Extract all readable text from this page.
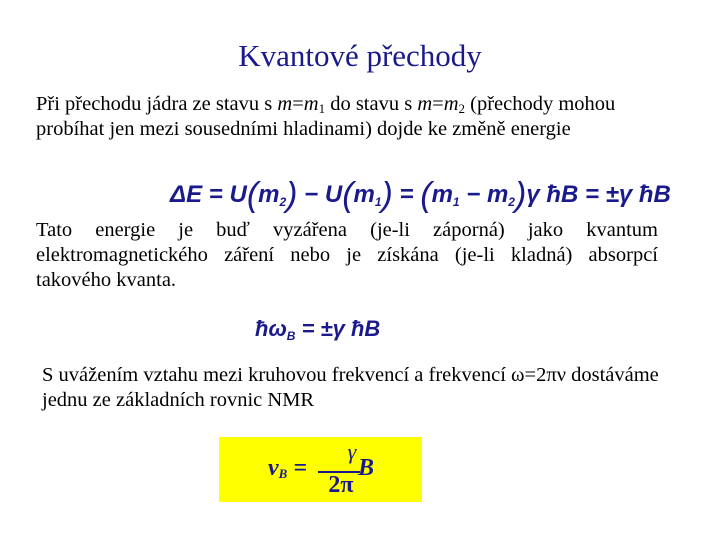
Kvantové přechody
Při přechodu jádra ze stavu s $m=m_1$ do stavu s $m=m_2$ (přechody mohou probíhat jen mezi sousedními hladinami) dojde ke změně energie
$\Delta E = U(m_2) - U(m_1) = (m_1 - m_2)\gamma$ ħB = ±γ ħB
Tato energie je buď vyzářena (je-li záporná) jako kvantum elektromagnetického záření nebo je získána (je-li kladná) absorpcí takového kvanta.
$ħ\omega_B = \pm\gamma$ ħB
S uvážením vztahu mezi kruhovou frekvencí a frekvencí ω=2πν dostáváme jednu ze základních rovnic NMR
$\nu_B$ =
γ
2π
B
